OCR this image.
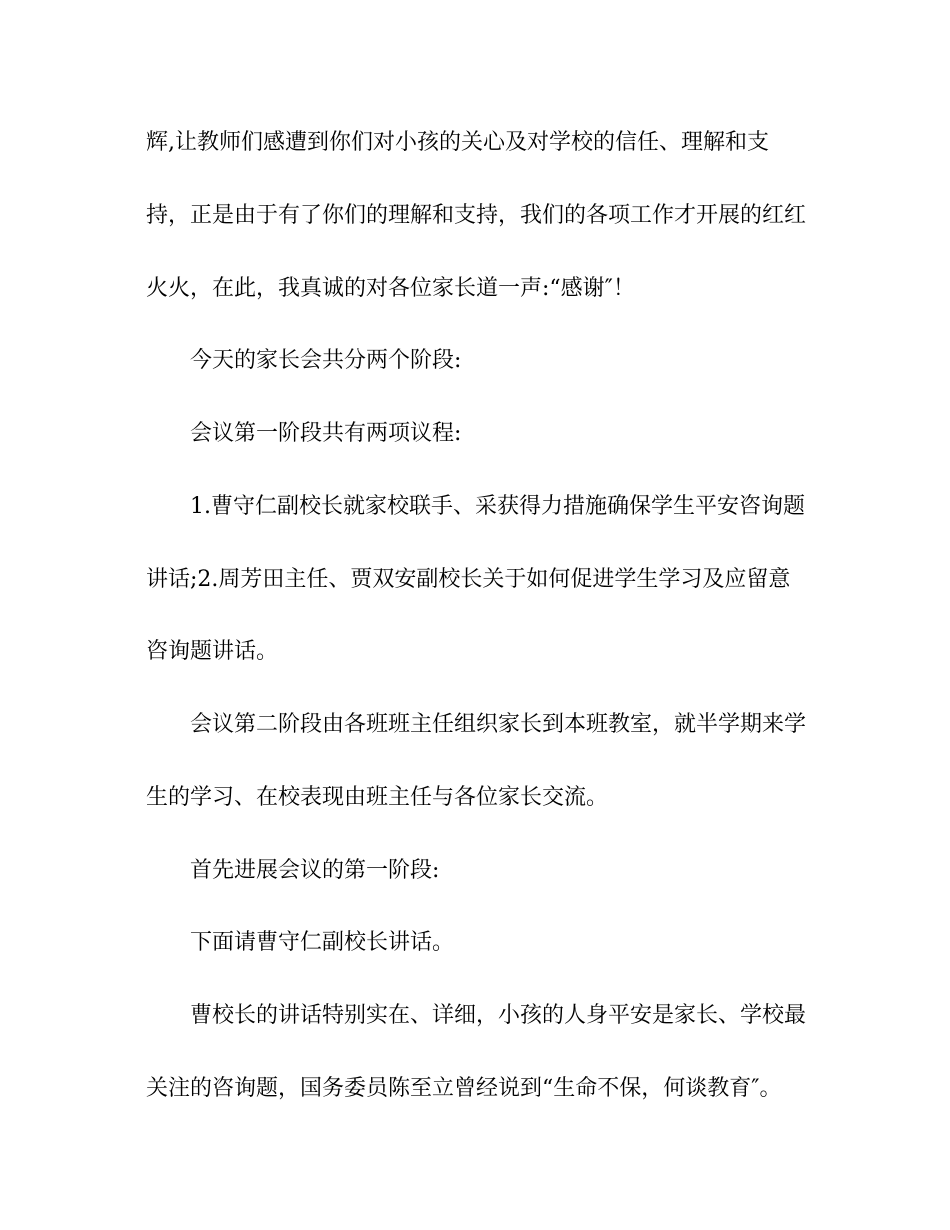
辉,让教师们感遭到你们对小孩的关心及对学校的信任、理解和支
持，正是由于有了你们的理解和支持，我们的各项工作才开展的红红
火火，在此，我真诚的对各位家长道一声:“感谢″！
今天的家长会共分两个阶段:
会议第一阶段共有两项议程:
1.曹守仁副校长就家校联手、采获得力措施确保学生平安咨询题
讲话;2.周芳田主任、贾双安副校长关于如何促进学生学习及应留意
咨询题讲话。
会议第二阶段由各班班主任组织家长到本班教室，就半学期来学
生的学习、在校表现由班主任与各位家长交流。
首先进展会议的第一阶段:
下面请曹守仁副校长讲话。
曹校长的讲话特别实在、详细，小孩的人身平安是家长、学校最
关注的咨询题，国务委员陈至立曾经说到“生命不保，何谈教育″。
